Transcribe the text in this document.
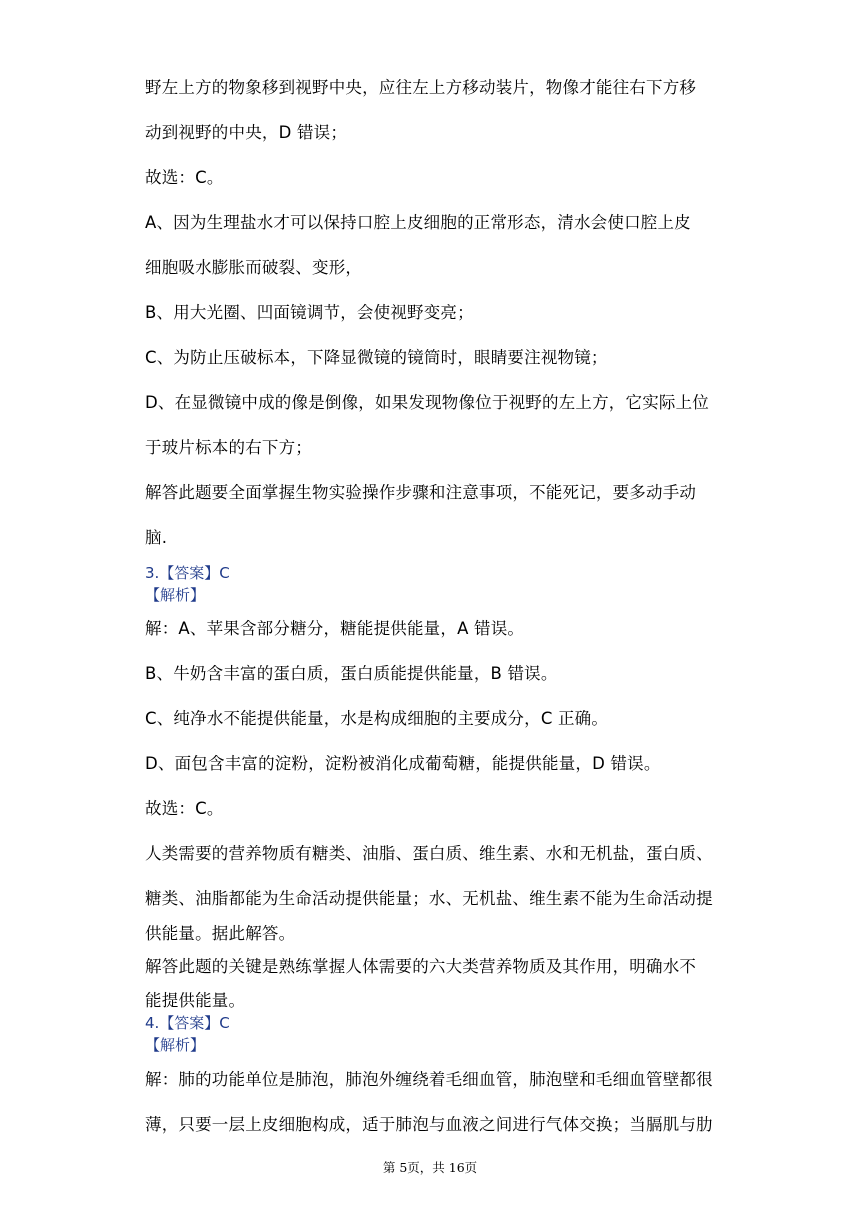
野左上方的物象移到视野中央，应往左上方移动装片，物像才能往右下方移
动到视野的中央，D 错误；
故选：C。
A、因为生理盐水才可以保持口腔上皮细胞的正常形态，清水会使口腔上皮
细胞吸水膨胀而破裂、变形，
B、用大光圈、凹面镜调节，会使视野变亮；
C、为防止压破标本，下降显微镜的镜筒时，眼睛要注视物镜；
D、在显微镜中成的像是倒像，如果发现物像位于视野的左上方，它实际上位
于玻片标本的右下方；
解答此题要全面掌握生物实验操作步骤和注意事项，不能死记，要多动手动
脑.
3.【答案】C
【解析】
解：A、苹果含部分糖分，糖能提供能量，A 错误。
B、牛奶含丰富的蛋白质，蛋白质能提供能量，B 错误。
C、纯净水不能提供能量，水是构成细胞的主要成分，C 正确。
D、面包含丰富的淀粉，淀粉被消化成葡萄糖，能提供能量，D 错误。
故选：C。
人类需要的营养物质有糖类、油脂、蛋白质、维生素、水和无机盐，蛋白质、
糖类、油脂都能为生命活动提供能量；水、无机盐、维生素不能为生命活动提
供能量。据此解答。
解答此题的关键是熟练掌握人体需要的六大类营养物质及其作用，明确水不
能提供能量。
4.【答案】C
【解析】
解：肺的功能单位是肺泡，肺泡外缠绕着毛细血管，肺泡壁和毛细血管壁都很
薄，只要一层上皮细胞构成，适于肺泡与血液之间进行气体交换；当膈肌与肋
第 5页，共 16页
